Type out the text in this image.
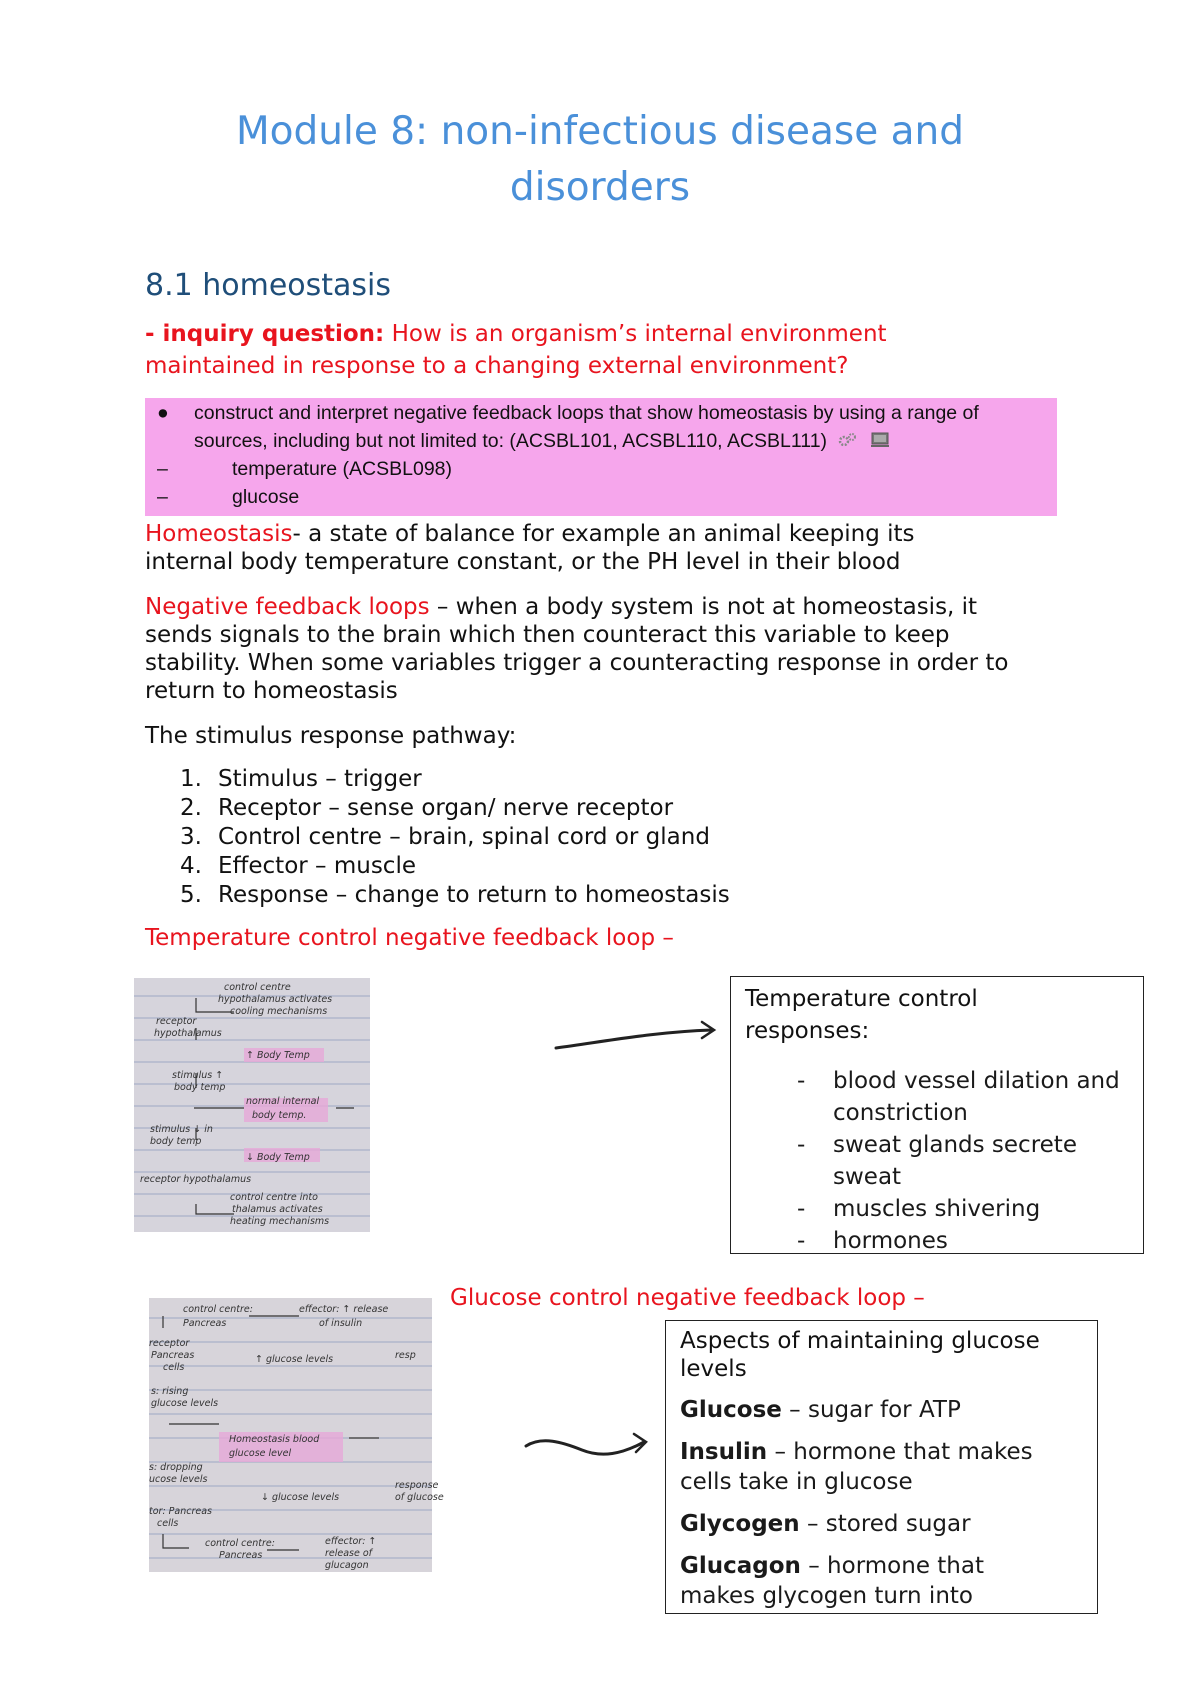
Module 8: non-infectious disease and
disorders
8.1 homeostasis
- inquiry question: How is an organism’s internal environment
maintained in response to a changing external environment?
● construct and interpret negative feedback loops that show homeostasis by using a range of
sources, including but not limited to: (ACSBL101, ACSBL110, ACSBL111)
–	temperature (ACSBL098)
–	glucose
Homeostasis- a state of balance for example an animal keeping its
internal body temperature constant, or the PH level in their blood
Negative feedback loops – when a body system is not at homeostasis, it
sends signals to the brain which then counteract this variable to keep
stability. When some variables trigger a counteracting response in order to
return to homeostasis
The stimulus response pathway:
1. Stimulus – trigger
2. Receptor – sense organ/ nerve receptor
3. Control centre – brain, spinal cord or gland
4. Effector – muscle
5. Response – change to return to homeostasis
Temperature control negative feedback loop –
control centre
hypothalamus activates
cooling mechanisms
receptor
hypothalamus
↑ Body Temp
stimulus ↑
body temp
normal internal
body temp.
stimulus ↓ in
body temp
↓ Body Temp
receptor hypothalamus
control centre into
thalamus activates
heating mechanisms
Temperature control
responses:
- blood vessel dilation and
constriction
- sweat glands secrete
sweat
- muscles shivering
- hormones
Glucose control negative feedback loop –
control centre:	effector: ↑ release
Pancreas	of insulin
receptor
Pancreas
cells
↑ glucose levels	resp
s: rising
glucose levels
Homeostasis blood
glucose level
s: dropping
ucose levels
↓ glucose levels
response
of glucose
tor: Pancreas
cells
control centre:
Pancreas
effector: ↑
release of
glucagon
Aspects of maintaining glucose
levels
Glucose – sugar for ATP
Insulin – hormone that makes
cells take in glucose
Glycogen – stored sugar
Glucagon – hormone that
makes glycogen turn into
